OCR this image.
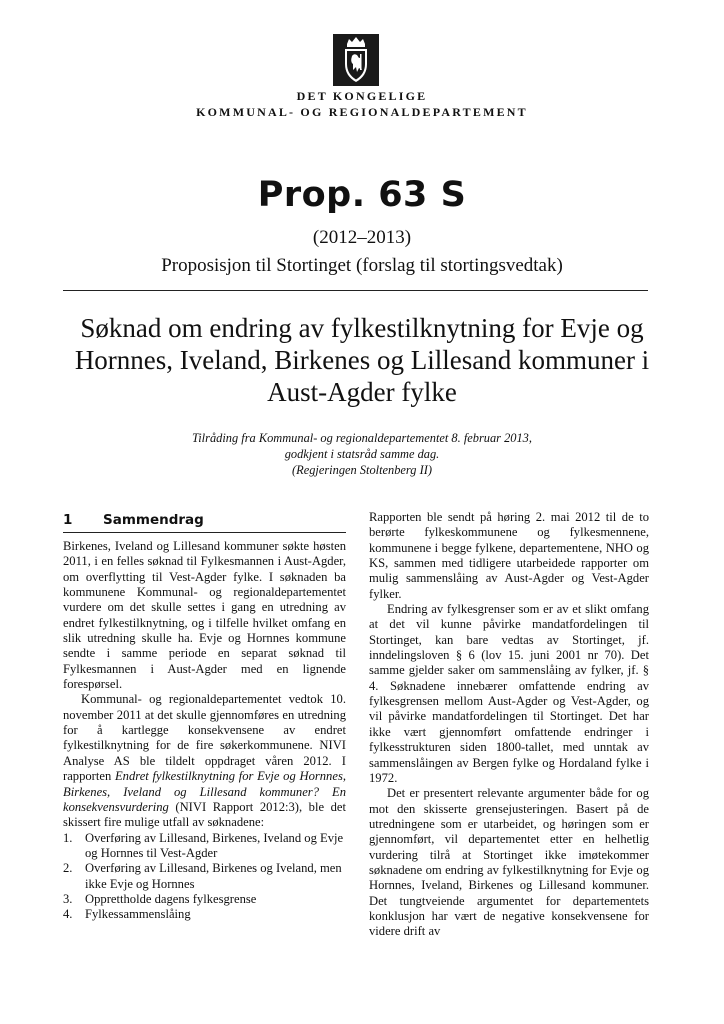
DET KONGELIGE
KOMMUNAL- OG REGIONALDEPARTEMENT
Prop. 63 S
(2012–2013)
Proposisjon til Stortinget (forslag til stortingsvedtak)
Søknad om endring av fylkestilknytning for Evje og Hornnes, Iveland, Birkenes og Lillesand kommuner i Aust-Agder fylke
Tilråding fra Kommunal- og regionaldepartementet 8. februar 2013,
godkjent i statsråd samme dag.
(Regjeringen Stoltenberg II)
1	Sammendrag

Birkenes, Iveland og Lillesand kommuner søkte høsten 2011, i en felles søknad til Fylkesmannen i Aust-Agder, om overflytting til Vest-Agder fylke. I søknaden ba kommunene Kommunal- og regionaldepartementet vurdere om det skulle settes i gang en utredning av endret fylkestilknytning, og i tilfelle hvilket omfang en slik utredning skulle ha. Evje og Hornnes kommune sendte i samme periode en separat søknad til Fylkesmannen i Aust-Agder med en lignende forespørsel.

Kommunal- og regionaldepartementet vedtok 10. november 2011 at det skulle gjennomføres en utredning for å kartlegge konsekvensene av endret fylkestilknytning for de fire søkerkommunene. NIVI Analyse AS ble tildelt oppdraget våren 2012. I rapporten Endret fylkestilknytning for Evje og Hornnes, Birkenes, Iveland og Lillesand kommuner? En konsekvensvurdering (NIVI Rapport 2012:3), ble det skissert fire mulige utfall av søknadene:

1. Overføring av Lillesand, Birkenes, Iveland og Evje og Hornnes til Vest-Agder
2. Overføring av Lillesand, Birkenes og Iveland, men ikke Evje og Hornnes
3. Opprettholde dagens fylkesgrense
4. Fylkessammenslåing

Rapporten ble sendt på høring 2. mai 2012 til de to berørte fylkeskommunene og fylkesmennene, kommunene i begge fylkene, departementene, NHO og KS, sammen med tidligere utarbeidede rapporter om mulig sammenslåing av Aust-Agder og Vest-Agder fylker.

Endring av fylkesgrenser som er av et slikt omfang at det vil kunne påvirke mandatfordelingen til Stortinget, kan bare vedtas av Stortinget, jf. inndelingsloven § 6 (lov 15. juni 2001 nr 70). Det samme gjelder saker om sammenslåing av fylker, jf. § 4. Søknadene innebærer omfattende endring av fylkesgrensen mellom Aust-Agder og Vest-Agder, og vil påvirke mandatfordelingen til Stortinget. Det har ikke vært gjennomført omfattende endringer i fylkesstrukturen siden 1800-tallet, med unntak av sammenslåingen av Bergen fylke og Hordaland fylke i 1972.

Det er presentert relevante argumenter både for og mot den skisserte grensejusteringen. Basert på de utredningene som er utarbeidet, og høringen som er gjennomført, vil departementet etter en helhetlig vurdering tilrå at Stortinget ikke imøtekommer søknadene om endring av fylkestilknytning for Evje og Hornnes, Iveland, Birkenes og Lillesand kommuner. Det tungtveiende argumentet for departementets konklusjon har vært de negative konsekvensene for videre drift av
